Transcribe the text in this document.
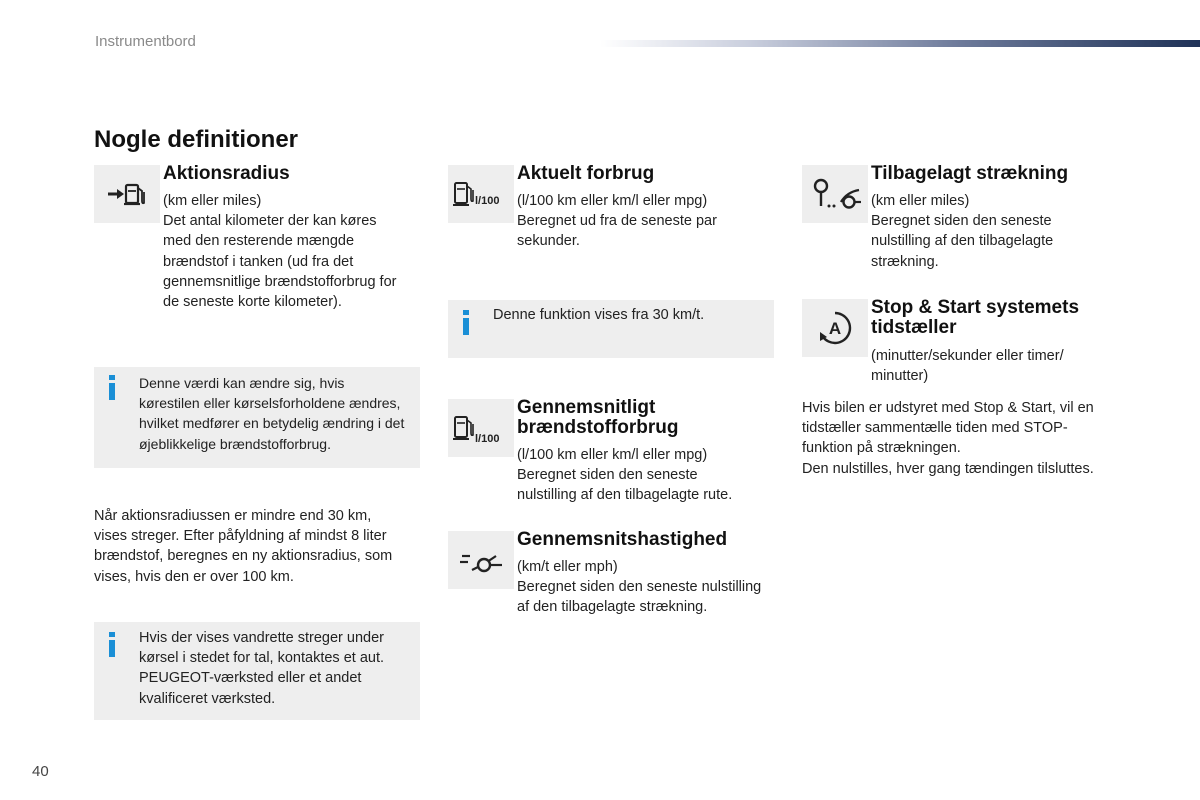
Instrumentbord
Nogle definitioner
Aktionsradius
(km eller miles)
Det antal kilometer der kan køres
med den resterende mængde
brændstof i tanken (ud fra det
gennemsnitlige brændstofforbrug for
de seneste korte kilometer).
Denne værdi kan ændre sig, hvis
kørestilen eller kørselsforholdene ændres,
hvilket medfører en betydelig ændring i det
øjeblikkelige brændstofforbrug.
Når aktionsradiussen er mindre end 30 km,
vises streger. Efter påfyldning af mindst 8 liter
brændstof, beregnes en ny aktionsradius, som
vises, hvis den er over 100 km.
Hvis der vises vandrette streger under
kørsel i stedet for tal, kontaktes et aut.
PEUGEOT-værksted eller et andet
kvalificeret værksted.
l/100
Aktuelt forbrug
(l/100 km eller km/l eller mpg)
Beregnet ud fra de seneste par
sekunder.
Denne funktion vises fra 30 km/t.
l/100
Gennemsnitligt
brændstofforbrug
(l/100 km eller km/l eller mpg)
Beregnet siden den seneste
nulstilling af den tilbagelagte rute.
Gennemsnitshastighed
(km/t eller mph)
Beregnet siden den seneste nulstilling
af den tilbagelagte strækning.
Tilbagelagt strækning
(km eller miles)
Beregnet siden den seneste
nulstilling af den tilbagelagte
strækning.
A
Stop & Start systemets
tidstæller
(minutter/sekunder eller timer/
minutter)
Hvis bilen er udstyret med Stop & Start, vil en
tidstæller sammentælle tiden med STOP-
funktion på strækningen.
Den nulstilles, hver gang tændingen tilsluttes.
40
